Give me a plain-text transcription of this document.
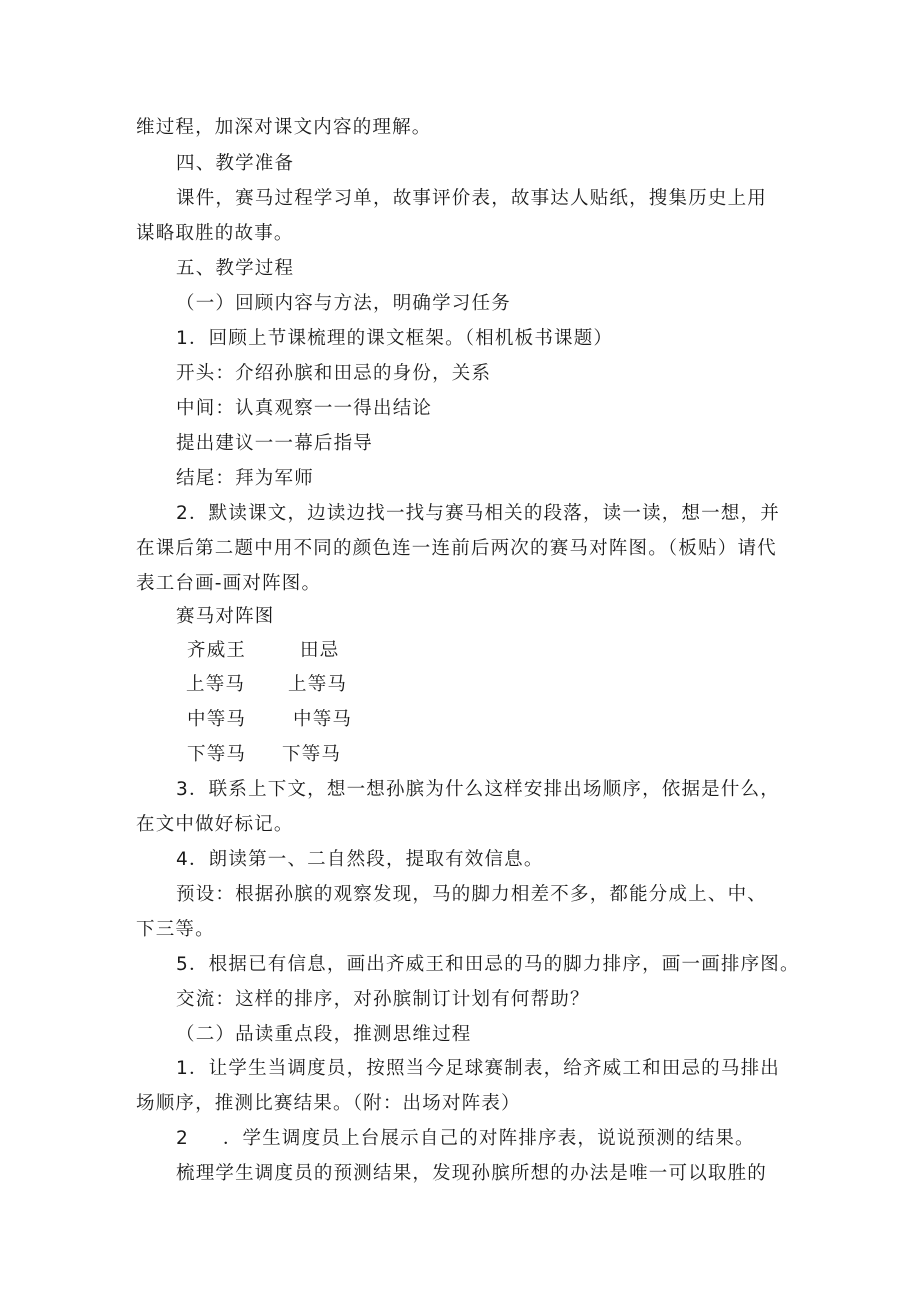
维过程，加深对课文内容的理解。
四、教学准备
课件，赛马过程学习单，故事评价表，故事达人贴纸，搜集历史上用
谋略取胜的故事。
五、教学过程
（一）回顾内容与方法，明确学习任务
1．回顾上节课梳理的课文框架。（相机板书课题）
开头：介绍孙膑和田忌的身份，关系
中间：认真观察一一得出结论
提出建议一一幕后指导
结尾：拜为军师
2．默读课文，边读边找一找与赛马相关的段落，读一读，想一想，并
在课后第二题中用不同的颜色连一连前后两次的赛马对阵图。（板贴）请代
表工台画-画对阵图。
赛马对阵图
齐威王	田忌
上等马 上等马
中等马	中等马
下等马 下等马
3．联系上下文，想一想孙膑为什么这样安排出场顺序，依据是什么，
在文中做好标记。
4．朗读第一、二自然段，提取有效信息。
预设：根据孙膑的观察发现，马的脚力相差不多，都能分成上、中、
下三等。
5．根据已有信息，画出齐威王和田忌的马的脚力排序，画一画排序图。
交流：这样的排序，对孙膑制订计划有何帮助？
（二）品读重点段，推测思维过程
1．让学生当调度员，按照当今足球赛制表，给齐威工和田忌的马排出
场顺序，推测比赛结果。（附：出场对阵表）
2 　 ．学生调度员上台展示自己的对阵排序表，说说预测的结果。
梳理学生调度员的预测结果，发现孙膑所想的办法是唯一可以取胜的
